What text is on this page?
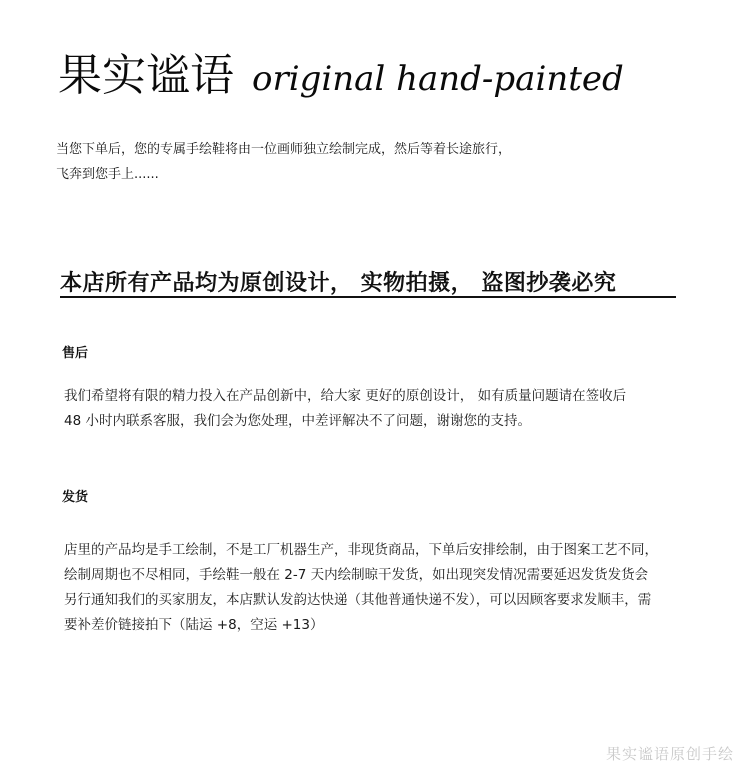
果实谧语 original hand-painted
当您下单后，您的专属手绘鞋将由一位画师独立绘制完成，然后等着长途旅行，
飞奔到您手上......
本店所有产品均为原创设计， 实物拍摄， 盗图抄袭必究
售后
我们希望将有限的精力投入在产品创新中，给大家 更好的原创设计， 如有质量问题请在签收后
48 小时内联系客服，我们会为您处理，中差评解决不了问题，谢谢您的支持。
发货
店里的产品均是手工绘制，不是工厂机器生产，非现货商品，下单后安排绘制，由于图案工艺不同，
绘制周期也不尽相同，手绘鞋一般在 2-7 天内绘制晾干发货，如出现突发情况需要延迟发货发货会
另行通知我们的买家朋友，本店默认发韵达快递（其他普通快递不发），可以因顾客要求发顺丰，需
要补差价链接拍下（陆运 +8，空运 +13）
果实谧语原创手绘
